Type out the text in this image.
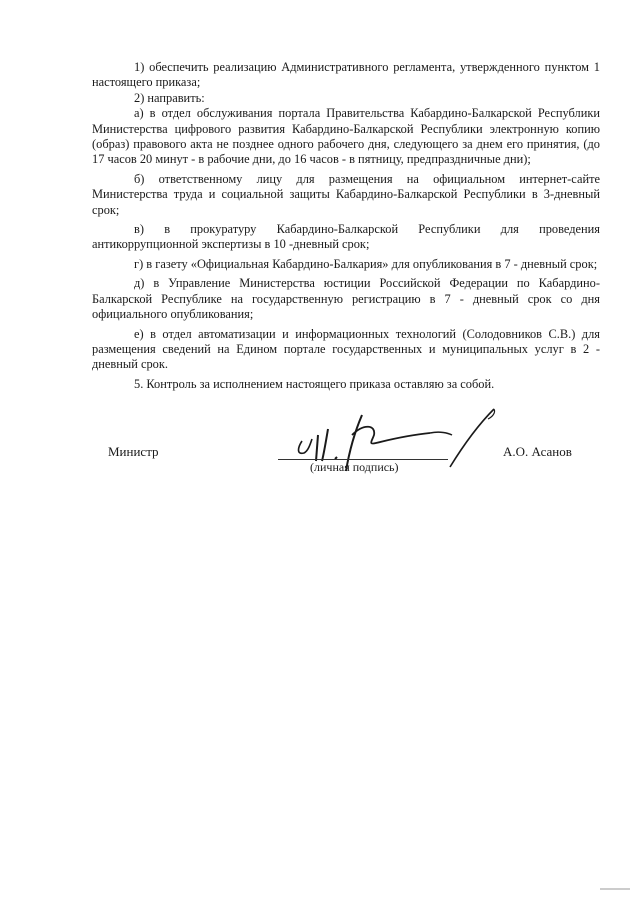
1) обеспечить реализацию Административного регламента, утвержденного пунктом 1 настоящего приказа;

2) направить:

а) в отдел обслуживания портала Правительства Кабардино-Балкарской Республики Министерства цифрового развития Кабардино-Балкарской Республики электронную копию (образ) правового акта не позднее одного рабочего дня, следующего за днем его принятия, (до 17 часов 20 минут - в рабочие дни, до 16 часов - в пятницу, предпраздничные дни);

б) ответственному лицу для размещения на официальном интернет-сайте Министерства труда и социальной защиты Кабардино-Балкарской Республики в 3-дневный срок;

в) в прокуратуру Кабардино-Балкарской Республики для проведения антикоррупционной экспертизы в 10 -дневный срок;

г) в газету «Официальная Кабардино-Балкария» для опубликования в 7 - дневный срок;

д) в Управление Министерства юстиции Российской Федерации по Кабардино-Балкарской Республике на государственную регистрацию в 7 - дневный срок со дня официального опубликования;

е) в отдел автоматизации и информационных технологий (Солодовников С.В.) для размещения сведений на Едином портале государственных и муниципальных услуг в 2 - дневный срок.

5. Контроль за исполнением настоящего приказа оставляю за собой.

Министр
(личная подпись)
А.О. Асанов
